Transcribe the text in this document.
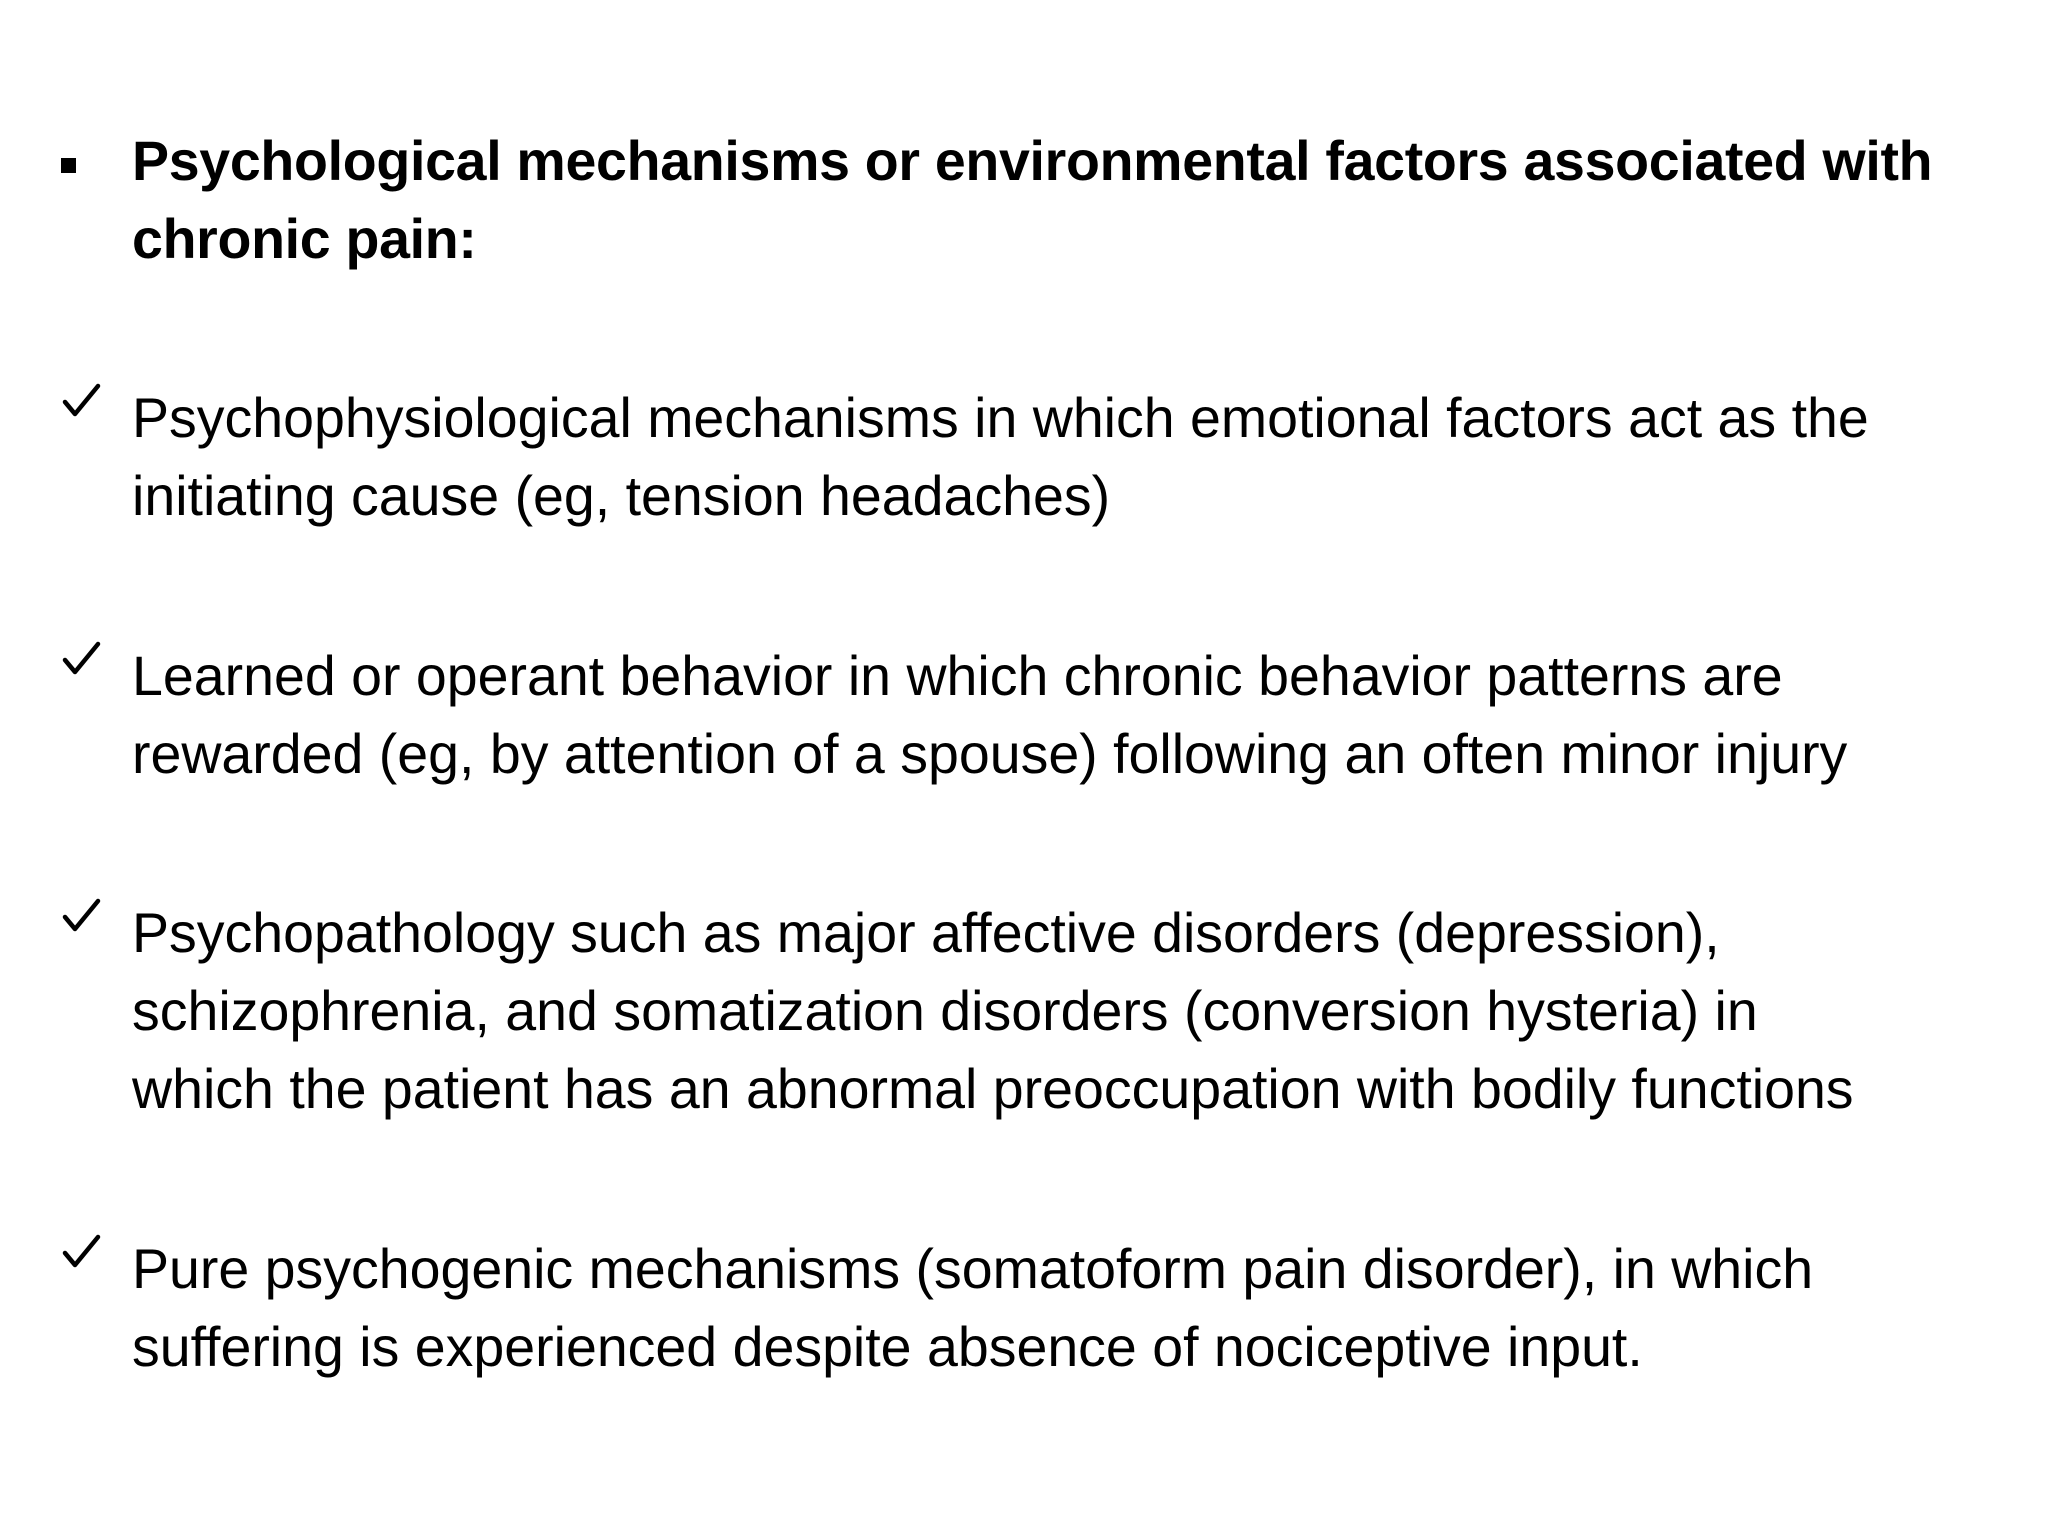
Psychological mechanisms or environmental factors associated with
chronic pain:
Psychophysiological mechanisms in which emotional factors act as the
initiating cause (eg, tension headaches)
Learned or operant behavior in which chronic behavior patterns are
rewarded (eg, by attention of a spouse) following an often minor injury
Psychopathology such as major affective disorders (depression),
schizophrenia, and somatization disorders (conversion hysteria) in
which the patient has an abnormal preoccupation with bodily functions
Pure psychogenic mechanisms (somatoform pain disorder), in which
suffering is experienced despite absence of nociceptive input.
